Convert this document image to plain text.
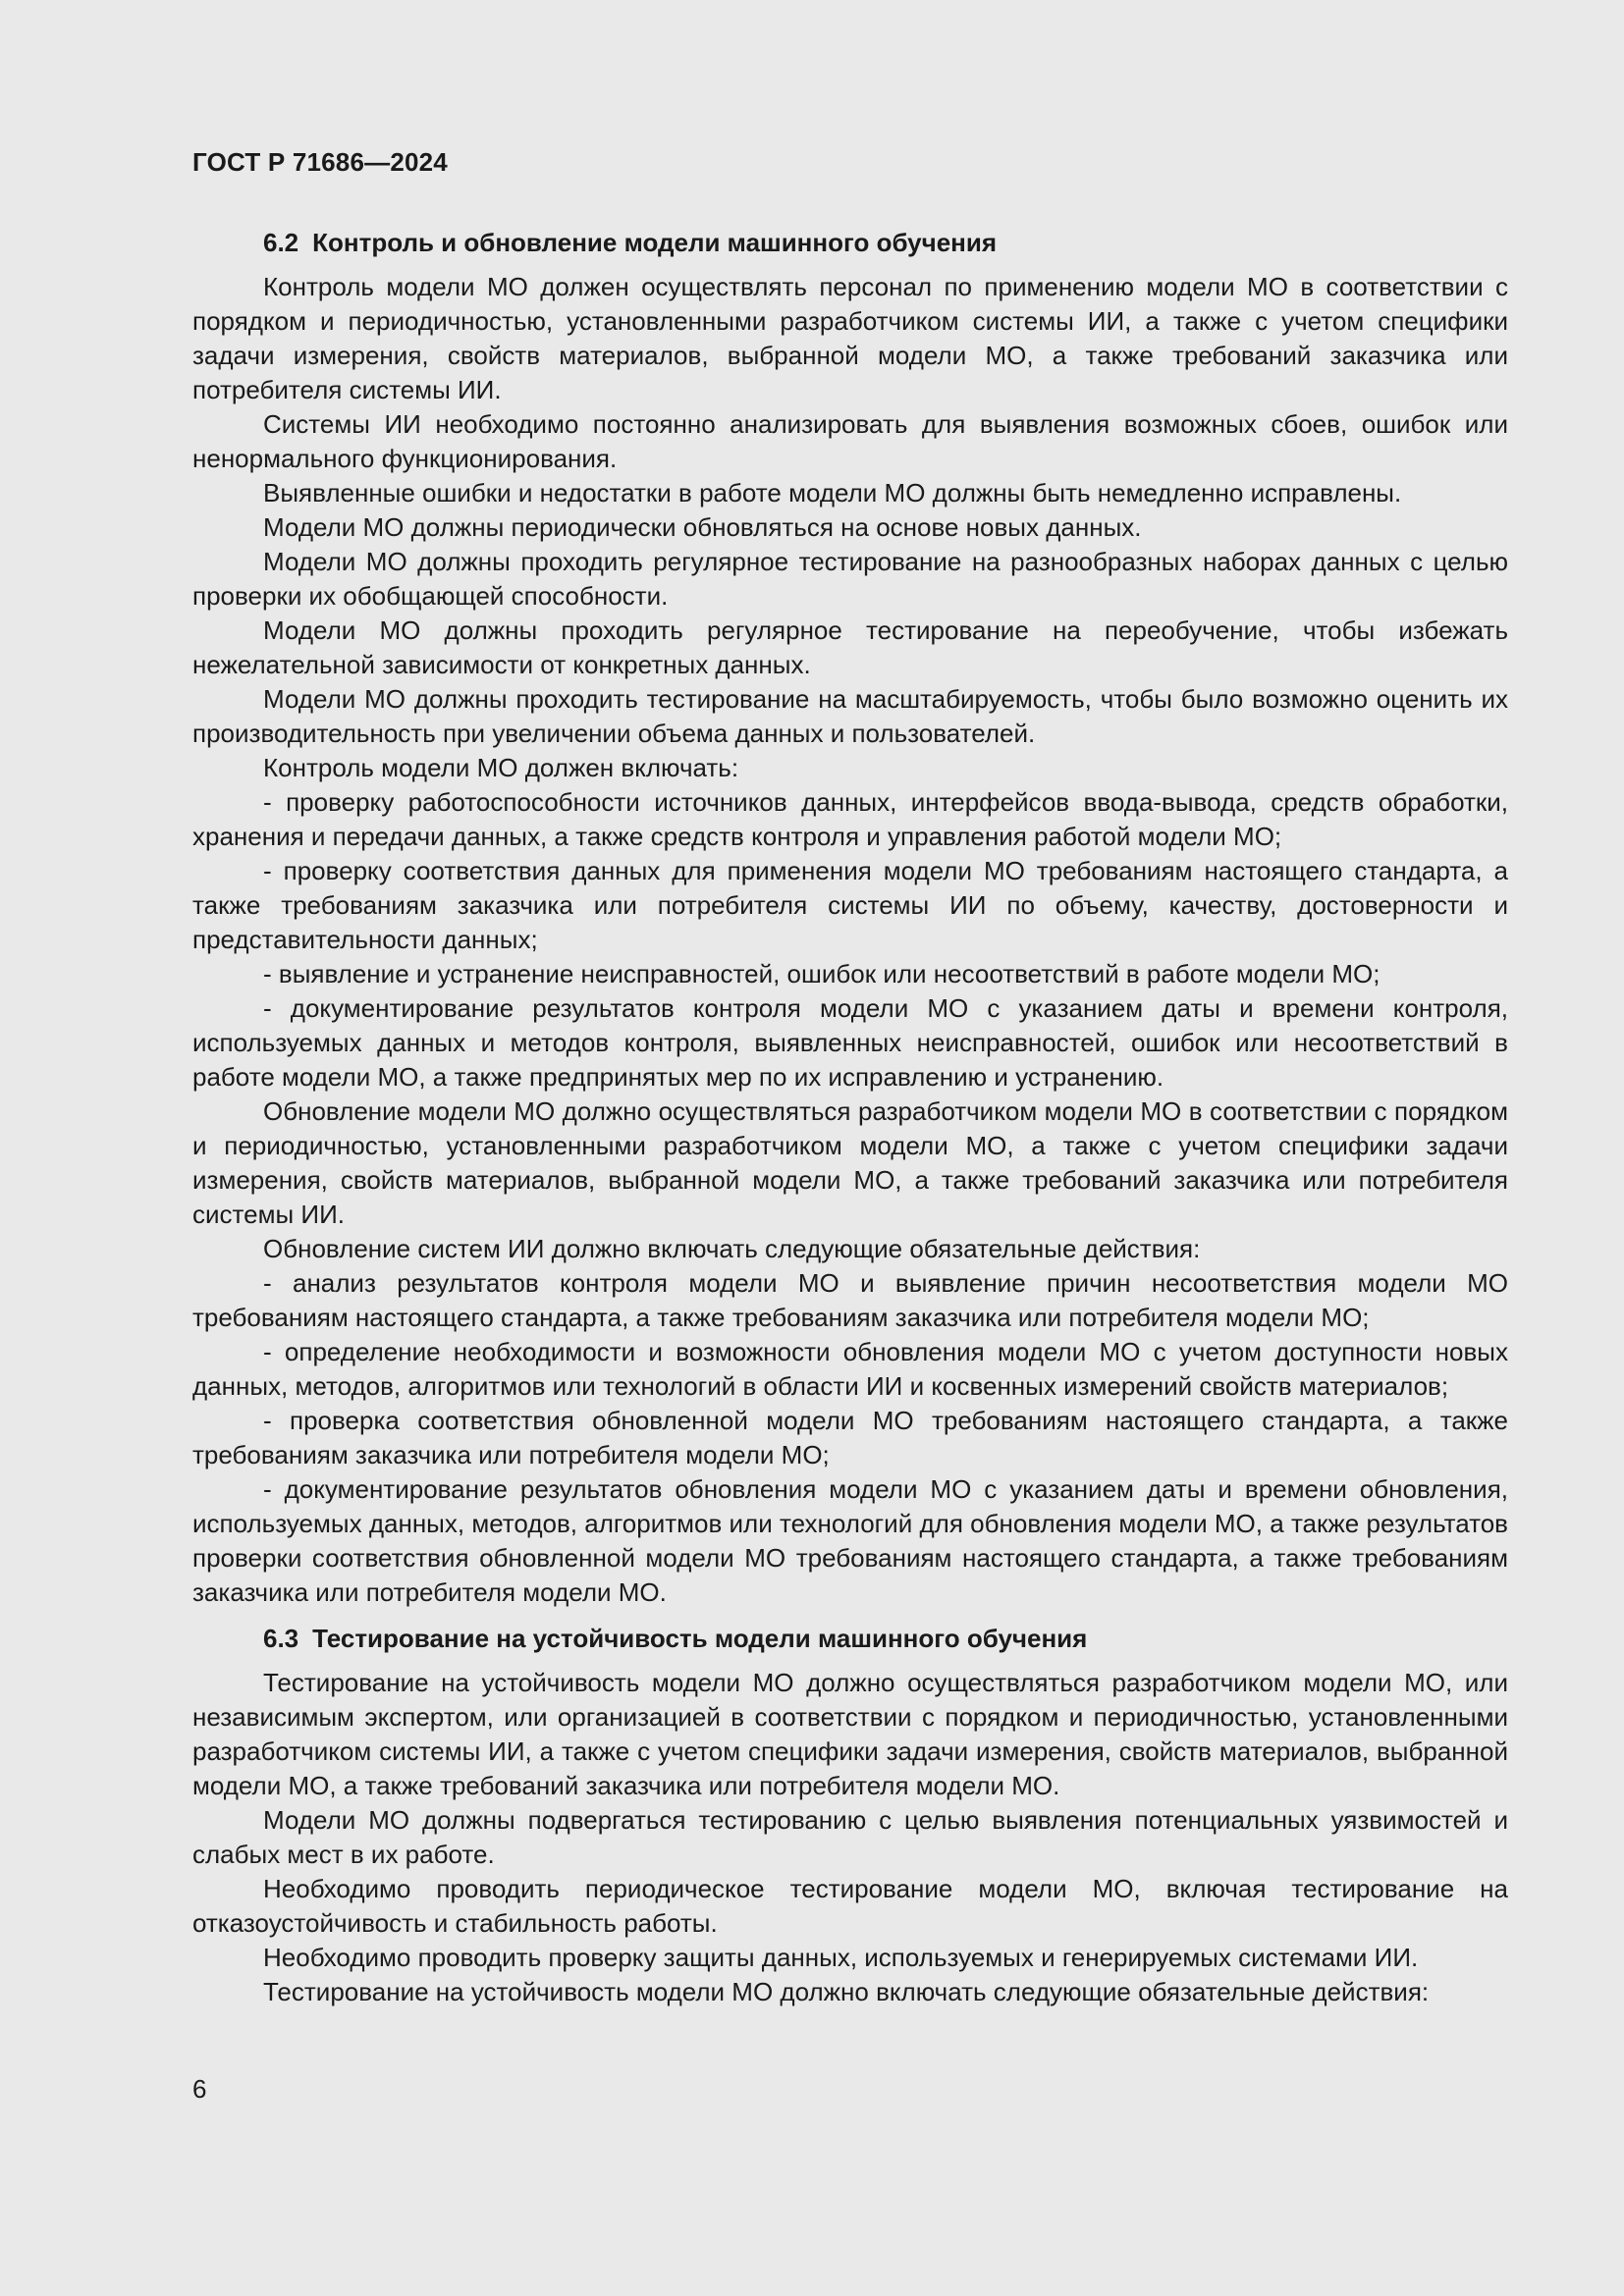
ГОСТ Р 71686—2024
6.2 Контроль и обновление модели машинного обучения

Контроль модели МО должен осуществлять персонал по применению модели МО в соответствии с порядком и периодичностью, установленными разработчиком системы ИИ, а также с учетом специфики задачи измерения, свойств материалов, выбранной модели МО, а также требований заказчика или потребителя системы ИИ.

Системы ИИ необходимо постоянно анализировать для выявления возможных сбоев, ошибок или ненормального функционирования.

Выявленные ошибки и недостатки в работе модели МО должны быть немедленно исправлены.

Модели МО должны периодически обновляться на основе новых данных.

Модели МО должны проходить регулярное тестирование на разнообразных наборах данных с целью проверки их обобщающей способности.

Модели МО должны проходить регулярное тестирование на переобучение, чтобы избежать нежелательной зависимости от конкретных данных.

Модели МО должны проходить тестирование на масштабируемость, чтобы было возможно оценить их производительность при увеличении объема данных и пользователей.

Контроль модели МО должен включать:

- проверку работоспособности источников данных, интерфейсов ввода-вывода, средств обработки, хранения и передачи данных, а также средств контроля и управления работой модели МО;

- проверку соответствия данных для применения модели МО требованиям настоящего стандарта, а также требованиям заказчика или потребителя системы ИИ по объему, качеству, достоверности и представительности данных;

- выявление и устранение неисправностей, ошибок или несоответствий в работе модели МО;

- документирование результатов контроля модели МО с указанием даты и времени контроля, используемых данных и методов контроля, выявленных неисправностей, ошибок или несоответствий в работе модели МО, а также предпринятых мер по их исправлению и устранению.

Обновление модели МО должно осуществляться разработчиком модели МО в соответствии с порядком и периодичностью, установленными разработчиком модели МО, а также с учетом специфики задачи измерения, свойств материалов, выбранной модели МО, а также требований заказчика или потребителя системы ИИ.

Обновление систем ИИ должно включать следующие обязательные действия:

- анализ результатов контроля модели МО и выявление причин несоответствия модели МО требованиям настоящего стандарта, а также требованиям заказчика или потребителя модели МО;

- определение необходимости и возможности обновления модели МО с учетом доступности новых данных, методов, алгоритмов или технологий в области ИИ и косвенных измерений свойств материалов;

- проверка соответствия обновленной модели МО требованиям настоящего стандарта, а также требованиям заказчика или потребителя модели МО;

- документирование результатов обновления модели МО с указанием даты и времени обновления, используемых данных, методов, алгоритмов или технологий для обновления модели МО, а также результатов проверки соответствия обновленной модели МО требованиям настоящего стандарта, а также требованиям заказчика или потребителя модели МО.

6.3 Тестирование на устойчивость модели машинного обучения

Тестирование на устойчивость модели МО должно осуществляться разработчиком модели МО, или независимым экспертом, или организацией в соответствии с порядком и периодичностью, установленными разработчиком системы ИИ, а также с учетом специфики задачи измерения, свойств материалов, выбранной модели МО, а также требований заказчика или потребителя модели МО.

Модели МО должны подвергаться тестированию с целью выявления потенциальных уязвимостей и слабых мест в их работе.

Необходимо проводить периодическое тестирование модели МО, включая тестирование на отказоустойчивость и стабильность работы.

Необходимо проводить проверку защиты данных, используемых и генерируемых системами ИИ.

Тестирование на устойчивость модели МО должно включать следующие обязательные действия:

6
